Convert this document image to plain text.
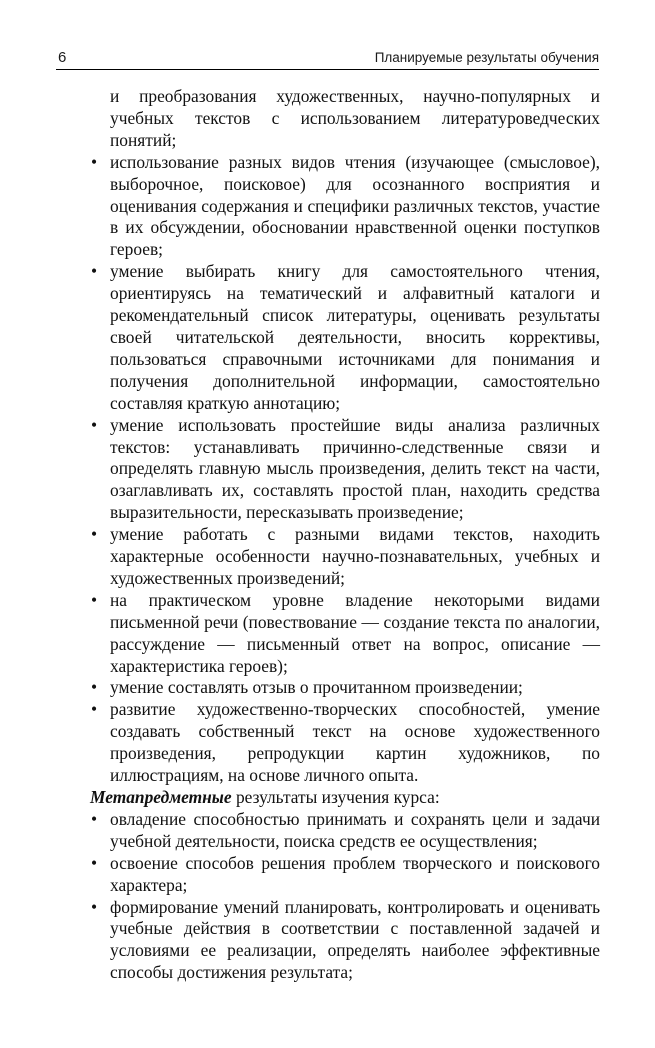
6	Планируемые результаты обучения

и преобразования художественных, научно-популярных и учебных текстов с использованием литературоведческих понятий;

• использование разных видов чтения (изучающее (смысловое), выборочное, поисковое) для осознанного восприятия и оценивания содержания и специфики различных текстов, участие в их обсуждении, обосновании нравственной оценки поступков героев;

• умение выбирать книгу для самостоятельного чтения, ориентируясь на тематический и алфавитный каталоги и рекомендательный список литературы, оценивать результаты своей читательской деятельности, вносить коррективы, пользоваться справочными источниками для понимания и получения дополнительной информации, самостоятельно составляя краткую аннотацию;

• умение использовать простейшие виды анализа различных текстов: устанавливать причинно-следственные связи и определять главную мысль произведения, делить текст на части, озаглавливать их, составлять простой план, находить средства выразительности, пересказывать произведение;

• умение работать с разными видами текстов, находить характерные особенности научно-познавательных, учебных и художественных произведений;

• на практическом уровне владение некоторыми видами письменной речи (повествование — создание текста по аналогии, рассуждение — письменный ответ на вопрос, описание — характеристика героев);

• умение составлять отзыв о прочитанном произведении;

• развитие художественно-творческих способностей, умение создавать собственный текст на основе художественного произведения, репродукции картин художников, по иллюстрациям, на основе личного опыта.

Метапредметные результаты изучения курса:

• овладение способностью принимать и сохранять цели и задачи учебной деятельности, поиска средств ее осуществления;

• освоение способов решения проблем творческого и поискового характера;

• формирование умений планировать, контролировать и оценивать учебные действия в соответствии с поставленной задачей и условиями ее реализации, определять наиболее эффективные способы достижения результата;
